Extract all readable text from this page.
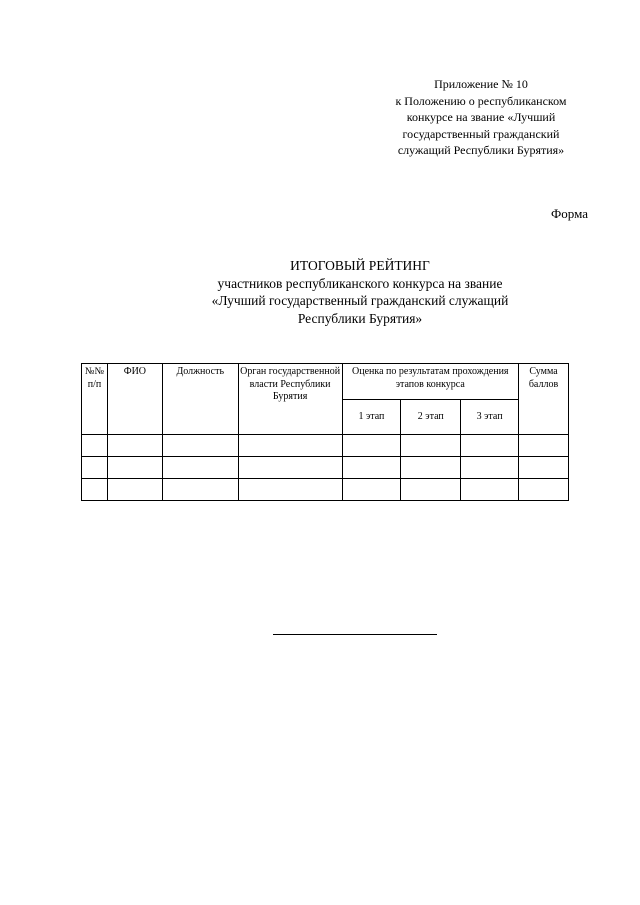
Приложение № 10
к Положению о республиканском
конкурсе на звание «Лучший
государственный гражданский
служащий Республики Бурятия»
Форма
ИТОГОВЫЙ РЕЙТИНГ
участников республиканского конкурса на звание
«Лучший государственный гражданский служащий
Республики Бурятия»
№№ п/п	ФИО	Должность	Орган государственной власти Республики Бурятия	Оценка по результатам прохождения этапов конкурса			Сумма баллов
				1 этап	2 этап	3 этап	
